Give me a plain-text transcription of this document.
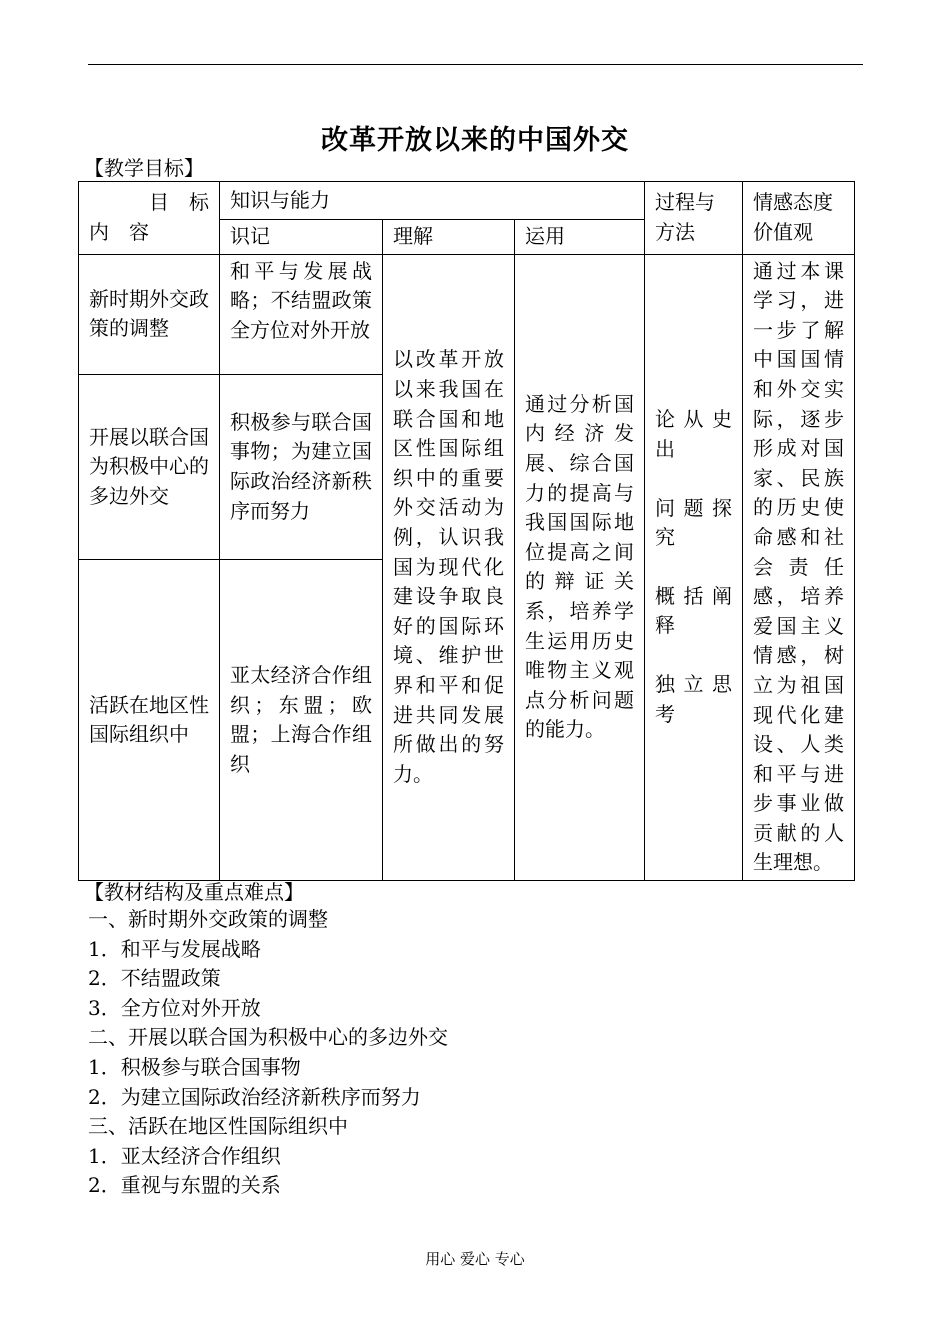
改革开放以来的中国外交
【教学目标】
目　标
内　容	知识与能力			过程与方法	情感态度价值观

	识记	理解	运用		
新时期外交政策的调整	和平与发展战略；不结盟政策全方位对外开放	以改革开放以来我国在联合国和地区性国际组织中的重要外交活动为例，认识我国为现代化建设争取良好的国际环境、维护世界和平和促进共同发展所做出的努力。	通过分析国内经济发展、综合国力的提高与我国国际地位提高之间的辩证关系，培养学生运用历史唯物主义观点分析问题的能力。	论从史出
问题探究
概括阐释
独立思考	通过本课学习，进一步了解中国国情和外交实际，逐步形成对国家、民族的历史使命感和社会责任感，培养爱国主义情感，树立为祖国现代化建设、人类和平与进步事业做贡献的人生理想。
开展以联合国为积极中心的多边外交	积极参与联合国事物；为建立国际政治经济新秩序而努力				
活跃在地区性国际组织中	亚太经济合作组织；东盟；欧盟；上海合作组织				
【教材结构及重点难点】
一、新时期外交政策的调整
1．和平与发展战略
2．不结盟政策
3．全方位对外开放
二、开展以联合国为积极中心的多边外交
1．积极参与联合国事物
2．为建立国际政治经济新秩序而努力
三、活跃在地区性国际组织中
1．亚太经济合作组织
2．重视与东盟的关系
用心 爱心 专心
